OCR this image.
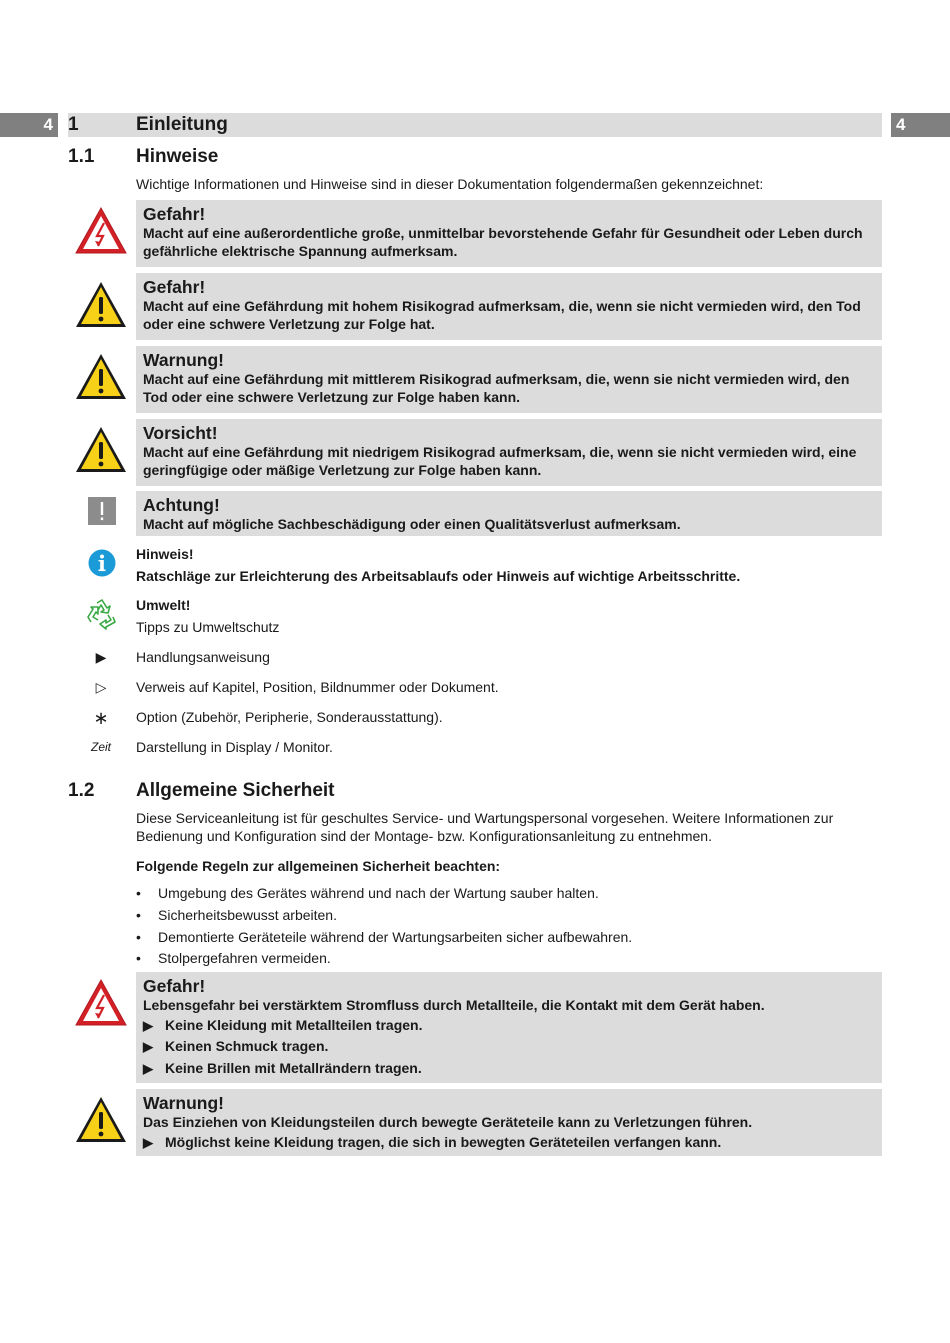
4 1	Einleitung	4
1.1 Hinweise
Wichtige Informationen und Hinweise sind in dieser Dokumentation folgendermaßen gekennzeichnet:
Gefahr!
Macht auf eine außerordentliche große, unmittelbar bevorstehende Gefahr für Gesundheit oder Leben durch gefährliche elektrische Spannung aufmerksam.
Gefahr!
Macht auf eine Gefährdung mit hohem Risikograd aufmerksam, die, wenn sie nicht vermieden wird, den Tod oder eine schwere Verletzung zur Folge hat.
Warnung!
Macht auf eine Gefährdung mit mittlerem Risikograd aufmerksam, die, wenn sie nicht vermieden wird, den Tod oder eine schwere Verletzung zur Folge haben kann.
Vorsicht!
Macht auf eine Gefährdung mit niedrigem Risikograd aufmerksam, die, wenn sie nicht vermieden wird, eine geringfügige oder mäßige Verletzung zur Folge haben kann.
Achtung!
Macht auf mögliche Sachbeschädigung oder einen Qualitätsverlust aufmerksam.
Hinweis!
Ratschläge zur Erleichterung des Arbeitsablaufs oder Hinweis auf wichtige Arbeitsschritte.
Umwelt!
Tipps zu Umweltschutz
▶	Handlungsanweisung
▷	Verweis auf Kapitel, Position, Bildnummer oder Dokument.
∗	Option (Zubehör, Peripherie, Sonderausstattung).
Zeit	Darstellung in Display / Monitor.
1.2 Allgemeine Sicherheit
Diese Serviceanleitung ist für geschultes Service- und Wartungspersonal vorgesehen. Weitere Informationen zur Bedienung und Konfiguration sind der Montage- bzw. Konfigurationsanleitung zu entnehmen.
Folgende Regeln zur allgemeinen Sicherheit beachten:
• Umgebung des Gerätes während und nach der Wartung sauber halten.
• Sicherheitsbewusst arbeiten.
• Demontierte Geräteteile während der Wartungsarbeiten sicher aufbewahren.
• Stolpergefahren vermeiden.
Gefahr!
Lebensgefahr bei verstärktem Stromfluss durch Metallteile, die Kontakt mit dem Gerät haben.
▶ Keine Kleidung mit Metallteilen tragen.
▶ Keinen Schmuck tragen.
▶ Keine Brillen mit Metallrändern tragen.
Warnung!
Das Einziehen von Kleidungsteilen durch bewegte Geräteteile kann zu Verletzungen führen.
▶ Möglichst keine Kleidung tragen, die sich in bewegten Geräteteilen verfangen kann.
